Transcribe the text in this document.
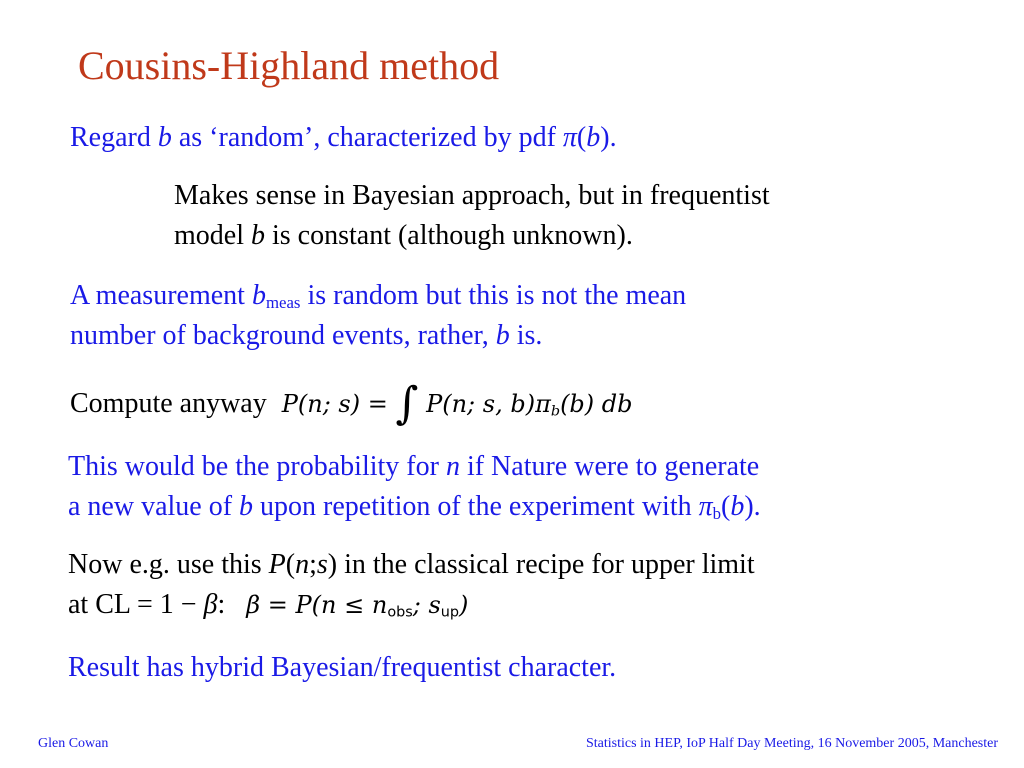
Cousins-Highland method
Regard b as ‘random’, characterized by pdf π(b).
Makes sense in Bayesian approach, but in frequentist
model b is constant (although unknown).
A measurement $b_{meas}$ is random but this is not the mean
number of background events, rather, b is.
Compute anyway P(n; s) = ∫ P(n; s, $b)\pi_b(b)$ db
This would be the probability for n if Nature were to generate
a new value of b upon repetition of the experiment with $\pi_b(b)$.
Now e.g. use this P(n;s) in the classical recipe for upper limit
at CL = 1 − β: $\beta = P(n \le n_{obs}$; $s_{up}$)
Result has hybrid Bayesian/frequentist character.
Glen Cowan	Statistics in HEP, IoP Half Day Meeting, 16 November 2005, Manchester
